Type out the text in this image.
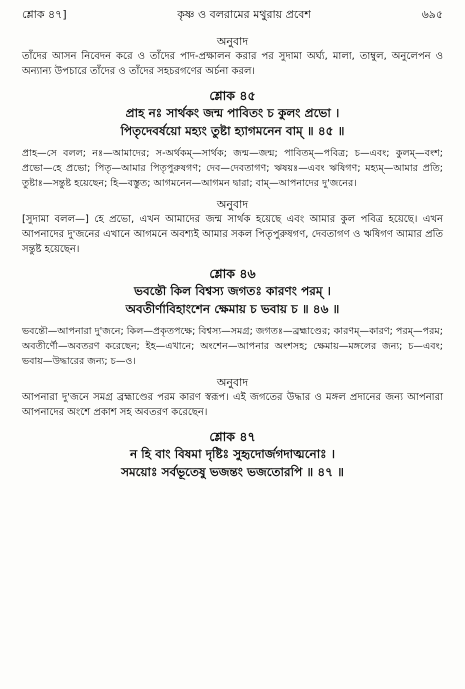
শ্লোক ৪৭]	কৃষ্ণ ও বলরামের মথুরায় প্রবেশ	৬৯৫
অনুবাদ

তাঁদের আসন নিবেদন করে ও তাঁদের পাদ-প্রক্ষালন করার পর সুদামা অর্ঘ্য, মালা, তাম্বুল, অনুলেপন ও অন্যান্য উপচারে তাঁদের ও তাঁদের সহচরগণের অর্চনা করল।

শ্লোক ৪৫
প্রাহ নঃ সার্থকং জন্ম পাবিতং চ কুলং প্রভো ।
পিতৃদেবর্ষয়ো মহ্যং তুষ্টা হ্যাগমনেন বাম্ ॥ ৪৫ ॥

প্রাহ—সে বলল; নঃ—আমাদের; স-অর্থকম্—সার্থক; জন্ম—জন্ম; পাবিতম্—পবিত্র; চ—এবং; কুলম্—বংশ; প্রভো—হে প্রভো; পিতৃ—আমার পিতৃপুরুষগণ; দেব—দেবতাগণ; ঋষয়ঃ—এবং ঋষিগণ; মহ্যম্—আমার প্রতি; তুষ্টাঃ—সন্তুষ্ট হয়েছেন; হি—বস্তুত; আগমনেন—আগমন দ্বারা; বাম্—আপনাদের দু'জনের।

অনুবাদ

[সুদামা বলল—] হে প্রভো, এখন আমাদের জন্ম সার্থক হয়েছে এবং আমার কুল পবিত্র হয়েছে। এখন আপনাদের দু'জনের এখানে আগমনে অবশ্যই আমার সকল পিতৃপুরুষগণ, দেবতাগণ ও ঋষিগণ আমার প্রতি সন্তুষ্ট হয়েছেন।

শ্লোক ৪৬
ভবন্তৌ কিল বিশ্বস্য জগতঃ কারণং পরম্ ।
অবতীর্ণাবিহাংশেন ক্ষেমায় চ ভবায় চ ॥ ৪৬ ॥

ভবন্তৌ—আপনারা দু'জনে; কিল—প্রকৃতপক্ষে; বিশ্বস্য—সমগ্র; জগতঃ—ব্রহ্মাণ্ডের; কারণম্—কারণ; পরম্—পরম; অবতীর্ণৌ—অবতরণ করেছেন; ইহ—এখানে; অংশেন—আপনার অংশসহ; ক্ষেমায়—মঙ্গলের জন্য; চ—এবং; ভবায়—উদ্ধারের জন্য; চ—ও।

অনুবাদ

আপনারা দু'জনে সমগ্র ব্রহ্মাণ্ডের পরম কারণ স্বরূপ। এই জগতের উদ্ধার ও মঙ্গল প্রদানের জন্য আপনারা আপনাদের অংশে প্রকাশ সহ অবতরণ করেছেন।

শ্লোক ৪৭
ন হি বাং বিষমা দৃষ্টিঃ সুহৃদোর্জগদাত্মনোঃ ।
সময়োঃ সর্বভূতেষু ভজন্তং ভজতোরপি ॥ ৪৭ ॥
